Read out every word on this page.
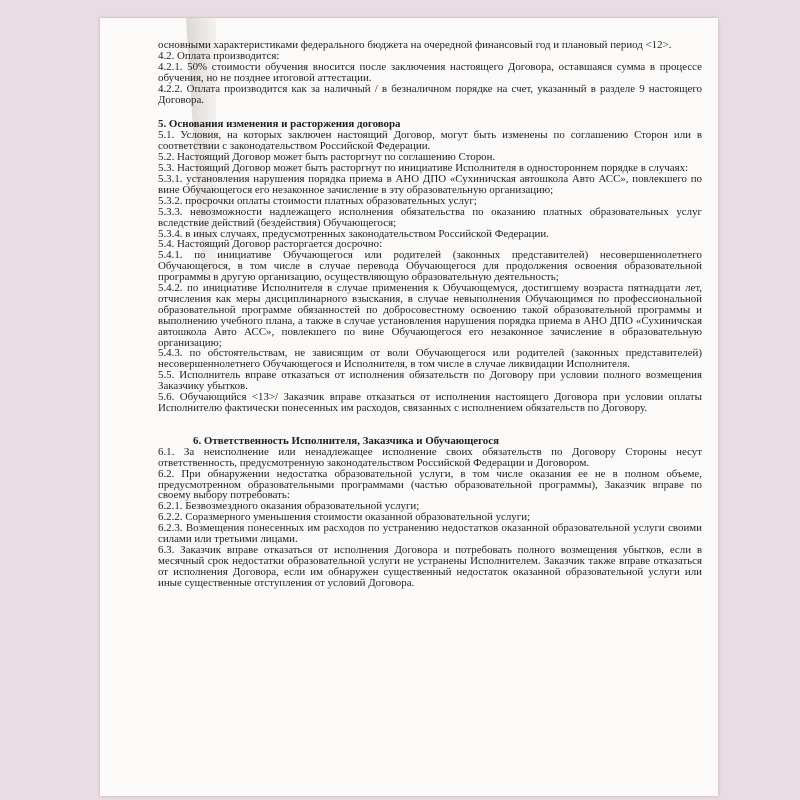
основными характеристиками федерального бюджета на очередной финансовый год и плановый период <12>.

4.2. Оплата производится:

4.2.1. 50% стоимости обучения вносится после заключения настоящего Договора, оставшаяся сумма в процессе обучения, но не позднее итоговой аттестации.

4.2.2. Оплата производится как за наличный / в безналичном порядке на счет, указанный в разделе 9 настоящего Договора.

5. Основания изменения и расторжения договора

5.1. Условия, на которых заключен настоящий Договор, могут быть изменены по соглашению Сторон или в соответствии с законодательством Российской Федерации.

5.2. Настоящий Договор может быть расторгнут по соглашению Сторон.

5.3. Настоящий Договор может быть расторгнут по инициативе Исполнителя в одностороннем порядке в случаях:

5.3.1. установления нарушения порядка приема в АНО ДПО «Сухиничская автошкола Авто АСС», повлекшего по вине Обучающегося его незаконное зачисление в эту образовательную организацию;

5.3.2. просрочки оплаты стоимости платных образовательных услуг;

5.3.3. невозможности надлежащего исполнения обязательства по оказанию платных образовательных услуг вследствие действий (бездействия) Обучающегося;

5.3.4. в иных случаях, предусмотренных законодательством Российской Федерации.

5.4. Настоящий Договор расторгается досрочно:

5.4.1. по инициативе Обучающегося или родителей (законных представителей) несовершеннолетнего Обучающегося, в том числе в случае перевода Обучающегося для продолжения освоения образовательной программы в другую организацию, осуществляющую образовательную деятельность;

5.4.2. по инициативе Исполнителя в случае применения к Обучающемуся, достигшему возраста пятнадцати лет, отчисления как меры дисциплинарного взыскания, в случае невыполнения Обучающимся по профессиональной образовательной программе обязанностей по добросовестному освоению такой образовательной программы и выполнению учебного плана, а также в случае установления нарушения порядка приема в АНО ДПО «Сухиничская автошкола Авто АСС», повлекшего по вине Обучающегося его незаконное зачисление в образовательную организацию;

5.4.3. по обстоятельствам, не зависящим от воли Обучающегося или родителей (законных представителей) несовершеннолетнего Обучающегося и Исполнителя, в том числе в случае ликвидации Исполнителя.

5.5. Исполнитель вправе отказаться от исполнения обязательств по Договору при условии полного возмещения Заказчику убытков.

5.6. Обучающийся <13>/ Заказчик вправе отказаться от исполнения настоящего Договора при условии оплаты Исполнителю фактически понесенных им расходов, связанных с исполнением обязательств по Договору.

6. Ответственность Исполнителя, Заказчика и Обучающегося

6.1. За неисполнение или ненадлежащее исполнение своих обязательств по Договору Стороны несут ответственность, предусмотренную законодательством Российской Федерации и Договором.

6.2. При обнаружении недостатка образовательной услуги, в том числе оказания ее не в полном объеме, предусмотренном образовательными программами (частью образовательной программы), Заказчик вправе по своему выбору потребовать:

6.2.1. Безвозмездного оказания образовательной услуги;

6.2.2. Соразмерного уменьшения стоимости оказанной образовательной услуги;

6.2.3. Возмещения понесенных им расходов по устранению недостатков оказанной образовательной услуги своими силами или третьими лицами.

6.3. Заказчик вправе отказаться от исполнения Договора и потребовать полного возмещения убытков, если в месячный срок недостатки образовательной услуги не устранены Исполнителем. Заказчик также вправе отказаться от исполнения Договора, если им обнаружен существенный недостаток оказанной образовательной услуги или иные существенные отступления от условий Договора.
